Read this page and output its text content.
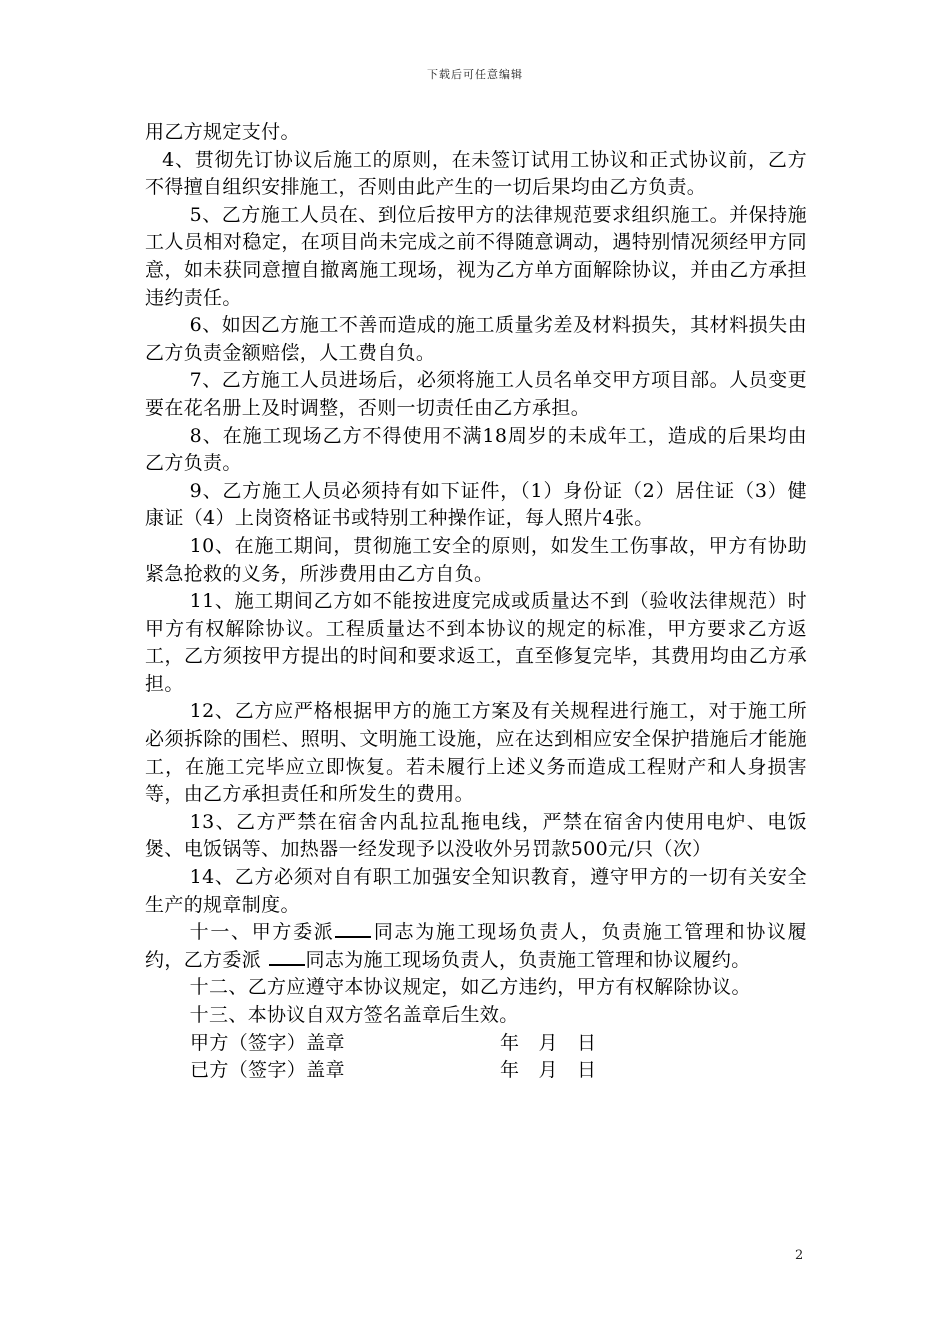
下载后可任意编辑

用乙方规定支付。

4、贯彻先订协议后施工的原则，在未签订试用工协议和正式协议前，乙方不得擅自组织安排施工，否则由此产生的一切后果均由乙方负责。

5、乙方施工人员在、到位后按甲方的法律规范要求组织施工。并保持施工人员相对稳定，在项目尚未完成之前不得随意调动，遇特别情况须经甲方同意，如未获同意擅自撤离施工现场，视为乙方单方面解除协议，并由乙方承担违约责任。

6、如因乙方施工不善而造成的施工质量劣差及材料损失，其材料损失由乙方负责金额赔偿，人工费自负。

7、乙方施工人员进场后，必须将施工人员名单交甲方项目部。人员变更要在花名册上及时调整，否则一切责任由乙方承担。

8、在施工现场乙方不得使用不满18周岁的未成年工，造成的后果均由乙方负责。

9、乙方施工人员必须持有如下证件，（1）身份证（2）居住证（3）健康证（4）上岗资格证书或特别工种操作证，每人照片4张。

10、在施工期间，贯彻施工安全的原则，如发生工伤事故，甲方有协助紧急抢救的义务，所涉费用由乙方自负。

11、施工期间乙方如不能按进度完成或质量达不到（验收法律规范）时甲方有权解除协议。工程质量达不到本协议的规定的标准，甲方要求乙方返工，乙方须按甲方提出的时间和要求返工，直至修复完毕，其费用均由乙方承担。

12、乙方应严格根据甲方的施工方案及有关规程进行施工，对于施工所必须拆除的围栏、照明、文明施工设施，应在达到相应安全保护措施后才能施工，在施工完毕应立即恢复。若未履行上述义务而造成工程财产和人身损害等，由乙方承担责任和所发生的费用。

13、乙方严禁在宿舍内乱拉乱拖电线，严禁在宿舍内使用电炉、电饭煲、电饭锅等、加热器一经发现予以没收外另罚款500元/只（次）

14、乙方必须对自有职工加强安全知识教育，遵守甲方的一切有关安全生产的规章制度。

十一、甲方委派 同志为施工现场负责人，负责施工管理和协议履约，乙方委派 同志为施工现场负责人，负责施工管理和协议履约。

十二、乙方应遵守本协议规定，如乙方违约，甲方有权解除协议。

十三、本协议自双方签名盖章后生效。

甲方（签字）盖章	年   月   日
已方（签字）盖章	年   月   日
2
